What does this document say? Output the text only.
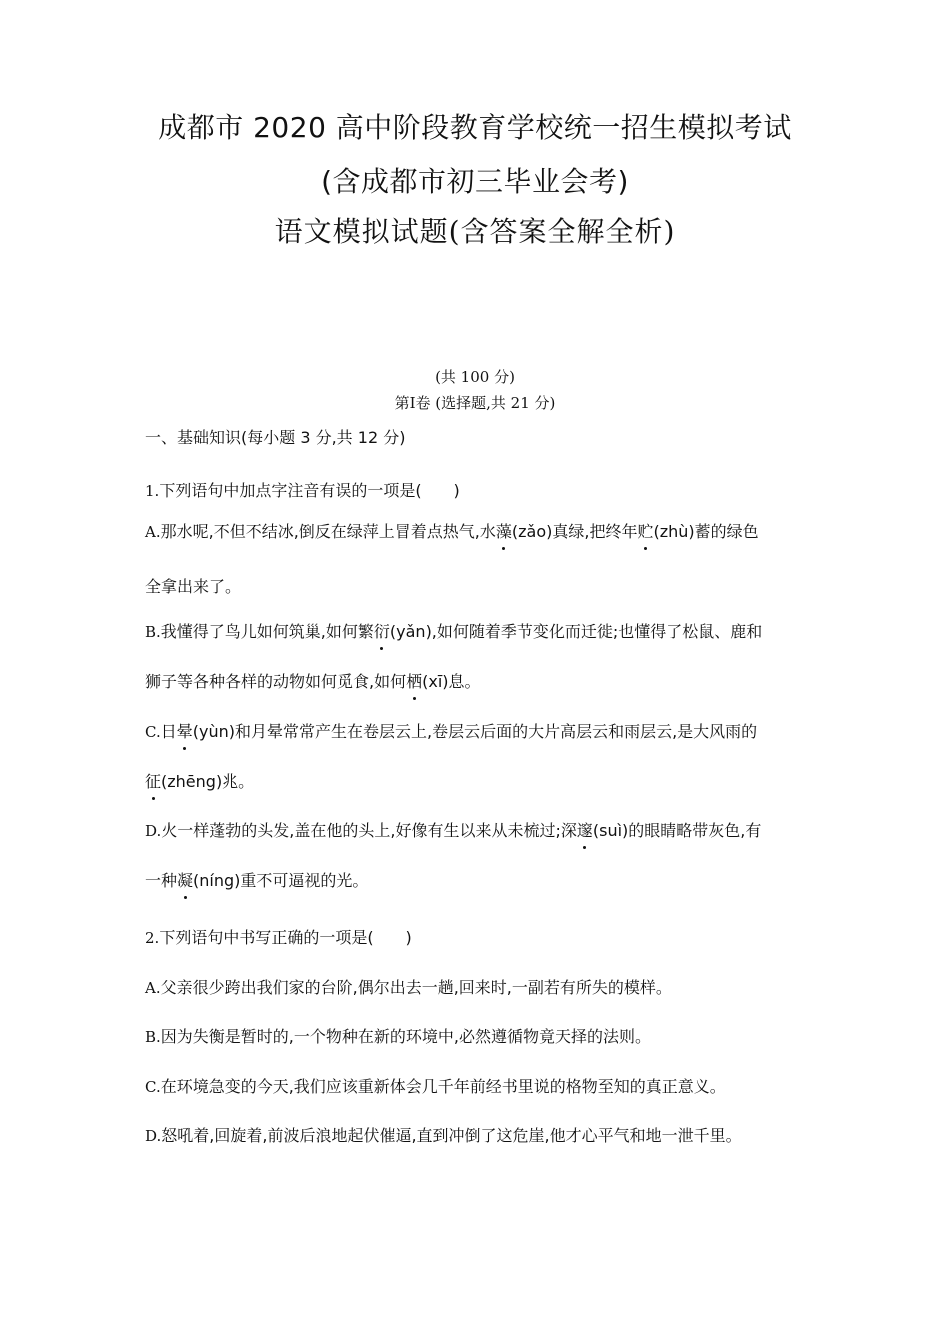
成都市 2020 高中阶段教育学校统一招生模拟考试
(含成都市初三毕业会考)
语文模拟试题(含答案全解全析)
(共 100 分)
第Ⅰ卷 (选择题,共 21 分)
一、基础知识(每小题 3 分,共 12 分)
1.下列语句中加点字注音有误的一项是(　　)
A.那水呢,不但不结冰,倒反在绿萍上冒着点热气,水藻(zǎo)真绿,把终年贮(zhù)蓄的绿色
全拿出来了。
B.我懂得了鸟儿如何筑巢,如何繁衍(yǎn),如何随着季节变化而迁徙;也懂得了松鼠、鹿和
狮子等各种各样的动物如何觅食,如何栖(xī)息。
C.日晕(yùn)和月晕常常产生在卷层云上,卷层云后面的大片高层云和雨层云,是大风雨的
征(zhēng)兆。
D.火一样蓬勃的头发,盖在他的头上,好像有生以来从未梳过;深邃(suì)的眼睛略带灰色,有
一种凝(níng)重不可逼视的光。
2.下列语句中书写正确的一项是(　　)
A.父亲很少跨出我们家的台阶,偶尔出去一趟,回来时,一副若有所失的模样。
B.因为失衡是暂时的,一个物种在新的环境中,必然遵循物竟天择的法则。
C.在环境急变的今天,我们应该重新体会几千年前经书里说的格物至知的真正意义。
D.怒吼着,回旋着,前波后浪地起伏催逼,直到冲倒了这危崖,他才心平气和地一泄千里。
